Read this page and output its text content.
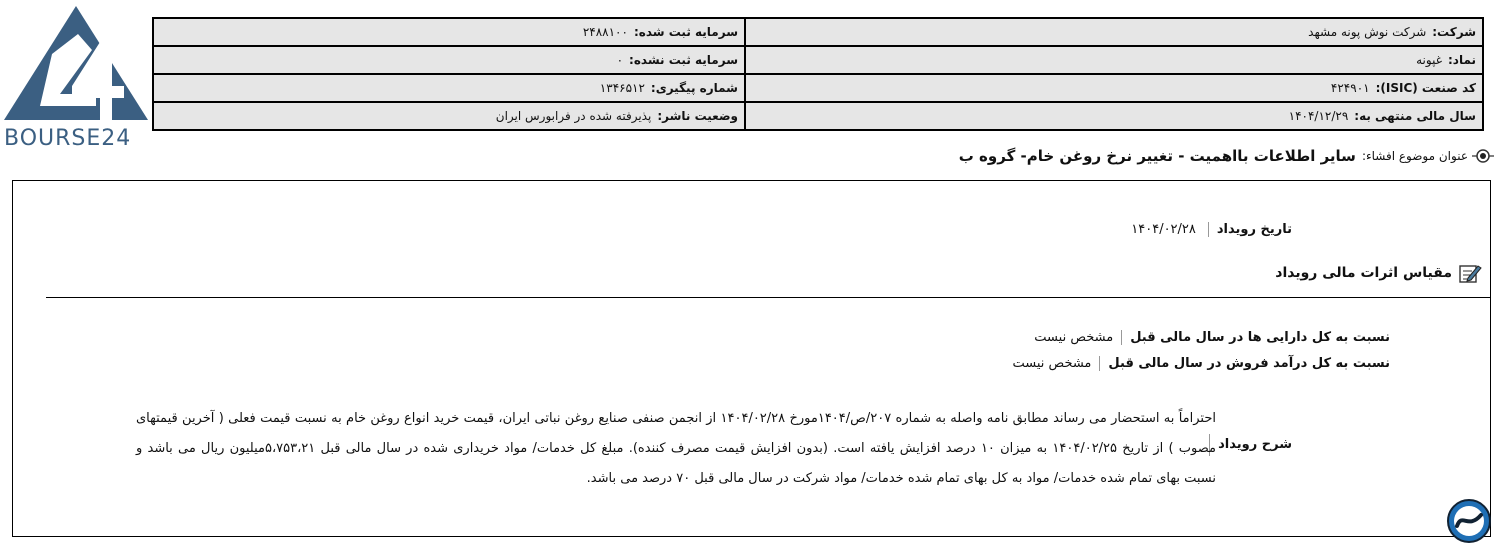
BOURSE24
شرکت:شرکت نوش پونه مشهد	سرمایه ثبت شده:۲۴۸۸۱۰۰
نماد:غپونه	سرمایه ثبت نشده:۰
کد صنعت (ISIC):۴۲۴۹۰۱	شماره پیگیری:۱۳۴۶۵۱۲
سال مالی منتهی به:۱۴۰۴/۱۲/۲۹	وضعیت ناشر:پذیرفته شده در فرابورس ایران
عنوان موضوع افشاء:
سایر اطلاعات بااهمیت - تغییر نرخ روغن خام- گروه ب
تاریخ رویداد
۱۴۰۴/۰۲/۲۸
مقیاس اثرات مالی رویداد
نسبت به کل دارایی ها در سال مالی قبل
مشخص نیست
نسبت به کل درآمد فروش در سال مالی قبل
مشخص نیست
شرح رویداد
احتراماً به استحضار می رساند مطابق نامه واصله به شماره ۲۰۷/ص/۱۴۰۴مورخ ۱۴۰۴/۰۲/۲۸ از انجمن صنفی صنایع روغن نباتی ایران، قیمت خرید انواع روغن خام به نسبت قیمت فعلی ( آخرین قیمتهای مصوب ) از تاریخ ۱۴۰۴/۰۲/۲۵ به میزان ۱۰ درصد افزایش یافته است. (بدون افزایش قیمت مصرف کننده). مبلغ کل خدمات/ مواد خریداری شده در سال مالی قبل ۵،۷۵۳،۲۱میلیون ریال می باشد و نسبت بهای تمام شده خدمات/ مواد به کل بهای تمام شده خدمات/ مواد شرکت در سال مالی قبل ۷۰ درصد می باشد.
